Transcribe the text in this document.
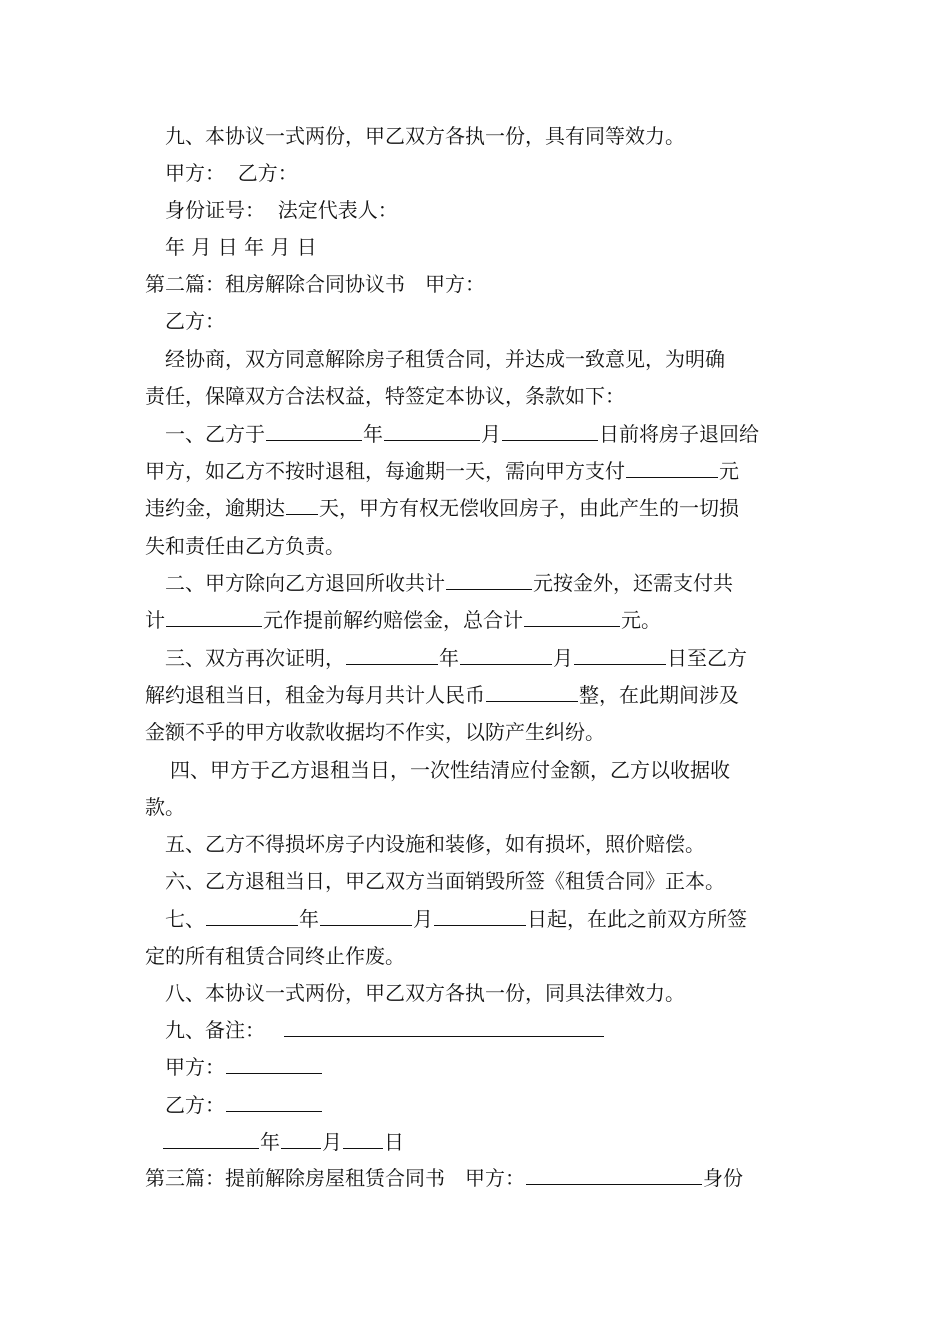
九、本协议一式两份，甲乙双方各执一份，具有同等效力。
甲方：  乙方：
身份证号：  法定代表人：
年 月 日 年 月 日
第二篇：租房解除合同协议书　甲方：
乙方：
经协商，双方同意解除房子租赁合同，并达成一致意见，为明确
责任，保障双方合法权益，特签定本协议，条款如下：
一、乙方于	年	月	日前将房子退回给
甲方，如乙方不按时退租，每逾期一天，需向甲方支付	元
违约金，逾期达 天，甲方有权无偿收回房子，由此产生的一切损
失和责任由乙方负责。
二、甲方除向乙方退回所收共计	元按金外，还需支付共
计	元作提前解约赔偿金，总合计	元。
三、双方再次证明，	年	月	日至乙方
解约退租当日，租金为每月共计人民币	整，在此期间涉及
金额不乎的甲方收款收据均不作实，以防产生纠纷。
四、甲方于乙方退租当日，一次性结清应付金额，乙方以收据收
款。
五、乙方不得损坏房子内设施和装修，如有损坏，照价赔偿。
六、乙方退租当日，甲乙双方当面销毁所签《租赁合同》正本。
七、	年	月	日起，在此之前双方所签
定的所有租赁合同终止作废。
八、本协议一式两份，甲乙双方各执一份，同具法律效力。
九、备注：
甲方：
乙方：
年 月 日
第三篇：提前解除房屋租赁合同书　甲方：	身份
